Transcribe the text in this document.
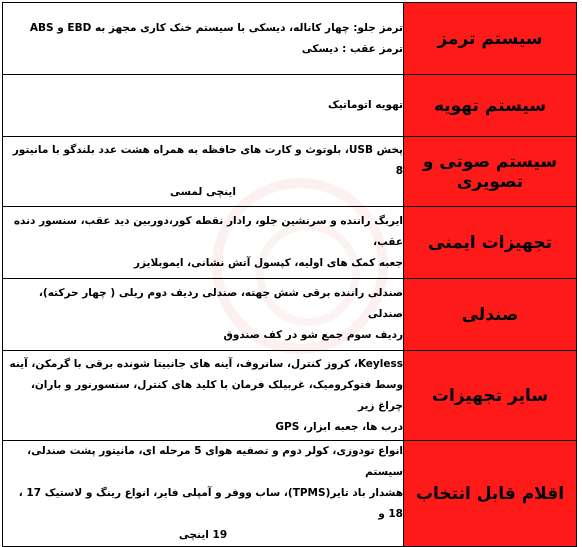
ترمز جلو: چهار کاناله، دیسکی با سیستم خنک کاری مجهز به EBD و ABS
ترمز عقب : دیسکی	سیستم ترمز

تهویه اتوماتیک	سیستم تهویه

پخش USB، بلوتوث و کارت های حافظه به همراه هشت عدد بلندگو با مانیتور 8
اینچی لمسی	سیستم صوتی و تصویری

ایربگ راننده و سرنشین جلو، رادار نقطه کور،دوربین دید عقب، سنسور دنده عقب،
جعبه کمک های اولیه، کپسول آتش نشانی، ایموبلایزر	تجهیزات ایمنی

صندلی راننده برقی شش جهته، صندلی ردیف دوم ریلی ( چهار حرکته)، صندلی
ردیف سوم جمع شو در کف صندوق	صندلی

Keyless، کروز کنترل، سانروف، آینه های جانبیتا شونده برقی با گرمکن، آینه
وسط فتوکرومیک، غربیلک فرمان با کلید های کنترل، سنسورنور و باران، چراغ زیر
درب ها، جعبه ابزار، GPS	سایر تجهیزات

انواع تودوزی، کولر دوم و تصفیه هوای 5 مرحله ای، مانیتور پشت صندلی، سیستم
هشدار باد تایر(TPMS)، ساب ووفر و آمپلی فایر، انواع رینگ و لاستیک 17 ، 18 و
19 اینچی	اقلام قابل انتخاب
